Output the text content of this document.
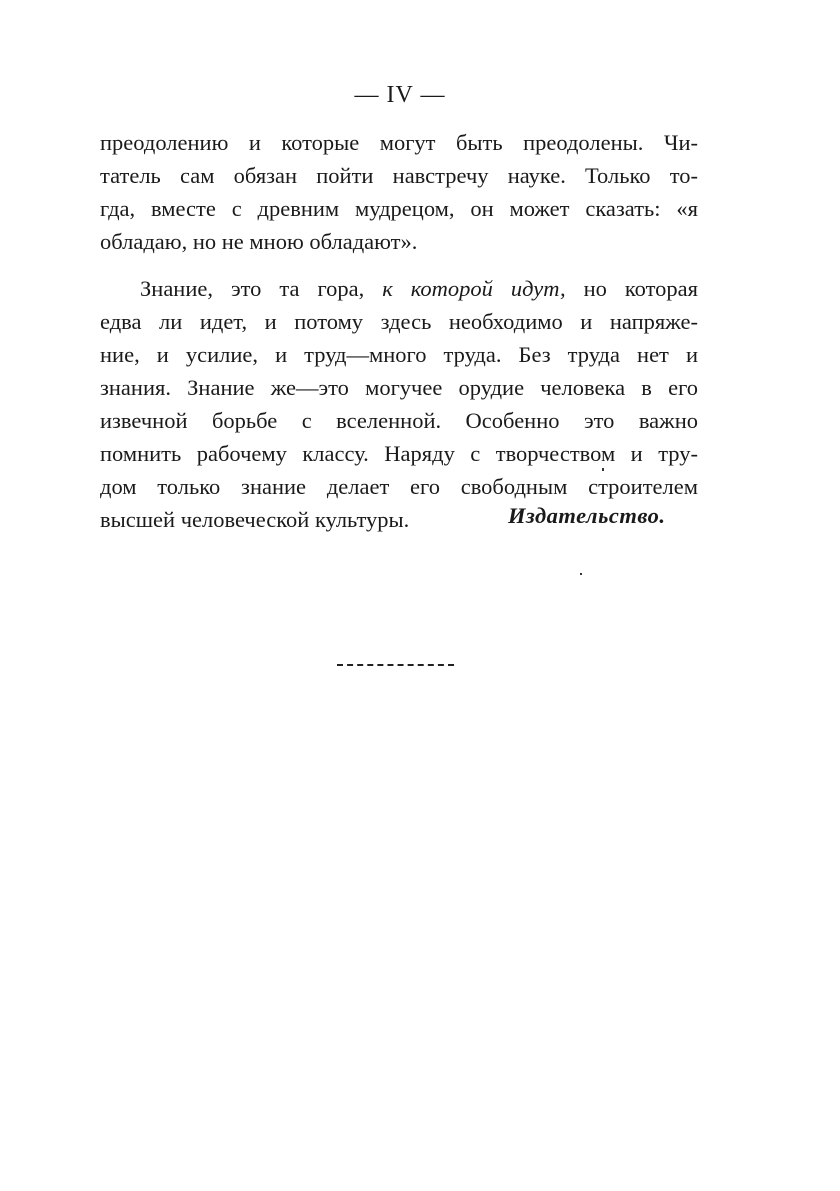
— IV —
преодолению и которые могут быть преодолены. Чи-
татель сам обязан пойти навстречу науке. Только то-
гда, вместе с древним мудрецом, он может сказать: «я
обладаю, но не мною обладают».
Знание, это та гора, к которой идут, но которая
едва ли идет, и потому здесь необходимо и напряже-
ние, и усилие, и труд—много труда. Без труда нет и
знания. Знание же—это могучее орудие человека в его
извечной борьбе с вселенной. Особенно это важно
помнить рабочему классу. Наряду с творчеством и тру-
дом только знание делает его свободным строителем
высшей человеческой культуры.	Издательство.
